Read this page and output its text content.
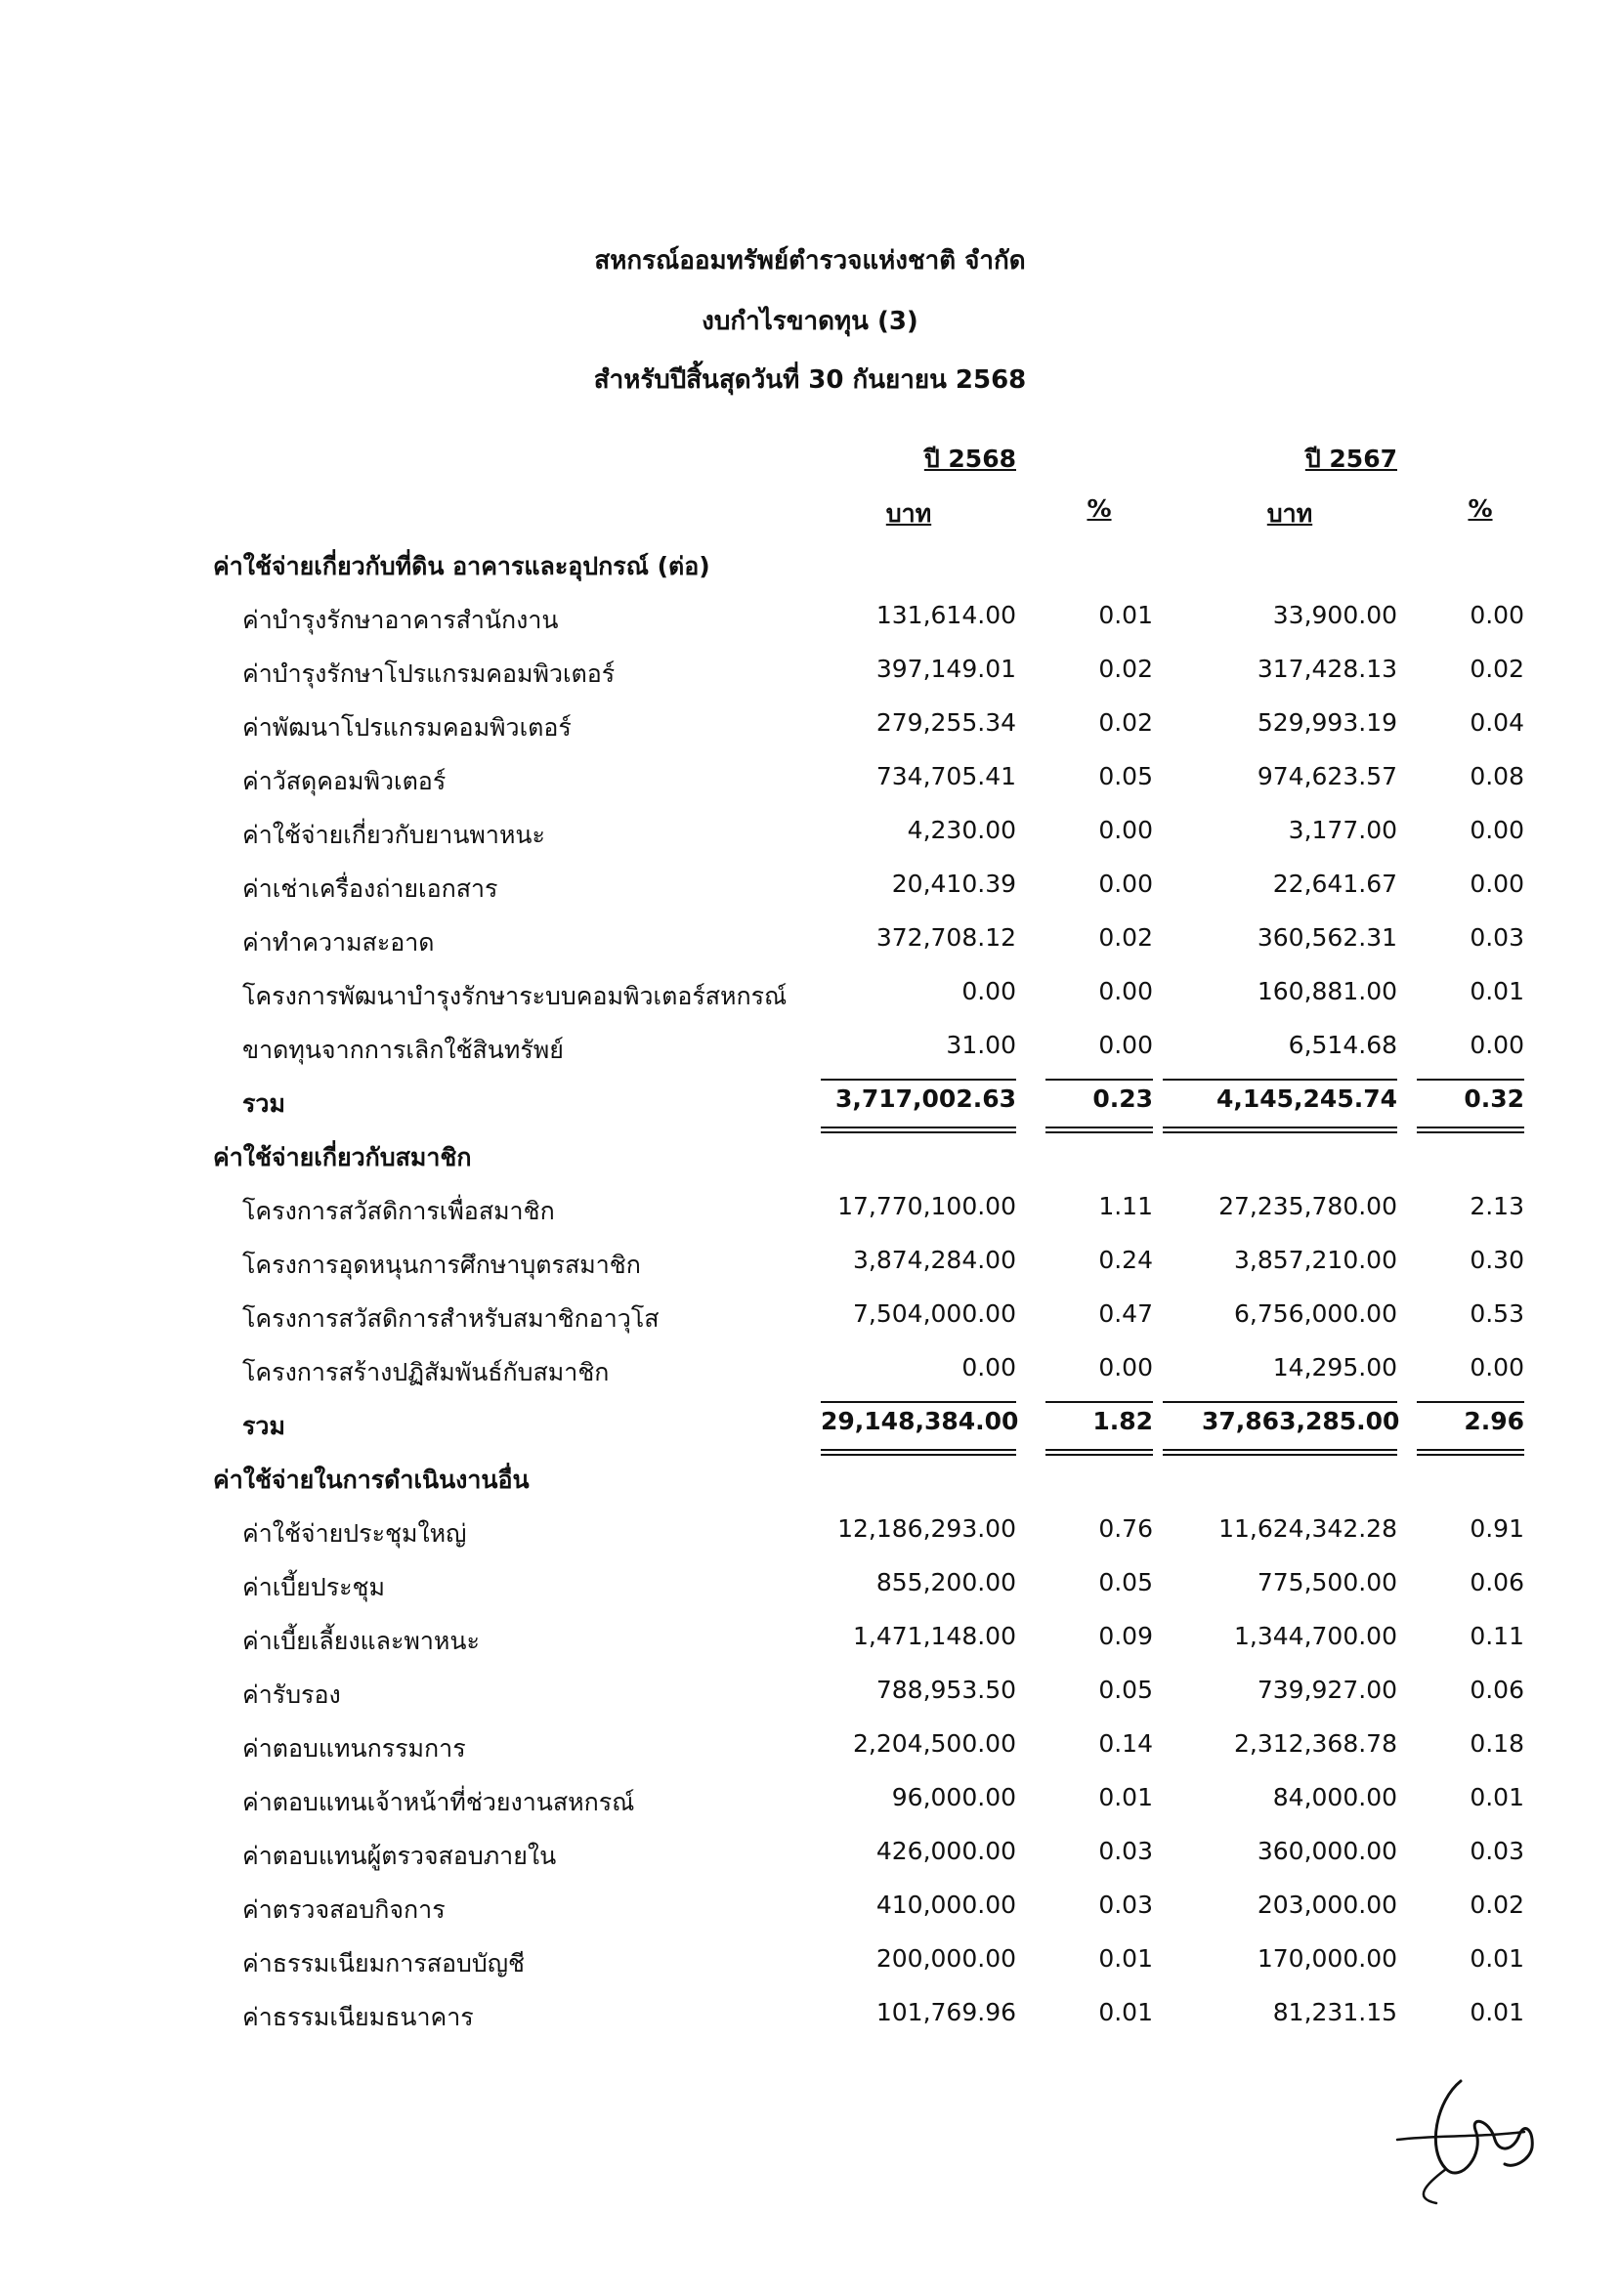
สหกรณ์ออมทรัพย์ตำรวจแห่งชาติ จำกัด
งบกำไรขาดทุน (3)
สำหรับปีสิ้นสุดวันที่ 30 กันยายน 2568
ปี 2568	ปี 2567
บาท	%	บาท	%
ค่าใช้จ่ายเกี่ยวกับที่ดิน อาคารและอุปกรณ์ (ต่อ)
ค่าบำรุงรักษาอาคารสำนักงาน	131,614.00	0.01	33,900.00	0.00
ค่าบำรุงรักษาโปรแกรมคอมพิวเตอร์	397,149.01	0.02	317,428.13	0.02
ค่าพัฒนาโปรแกรมคอมพิวเตอร์	279,255.34	0.02	529,993.19	0.04
ค่าวัสดุคอมพิวเตอร์	734,705.41	0.05	974,623.57	0.08
ค่าใช้จ่ายเกี่ยวกับยานพาหนะ	4,230.00	0.00	3,177.00	0.00
ค่าเช่าเครื่องถ่ายเอกสาร	20,410.39	0.00	22,641.67	0.00
ค่าทำความสะอาด	372,708.12	0.02	360,562.31	0.03
โครงการพัฒนาบำรุงรักษาระบบคอมพิวเตอร์สหกรณ์	0.00	0.00	160,881.00	0.01
ขาดทุนจากการเลิกใช้สินทรัพย์	31.00	0.00	6,514.68	0.00
รวม	3,717,002.63	0.23	4,145,245.74	0.32
ค่าใช้จ่ายเกี่ยวกับสมาชิก
โครงการสวัสดิการเพื่อสมาชิก	17,770,100.00	1.11	27,235,780.00	2.13
โครงการอุดหนุนการศึกษาบุตรสมาชิก	3,874,284.00	0.24	3,857,210.00	0.30
โครงการสวัสดิการสำหรับสมาชิกอาวุโส	7,504,000.00	0.47	6,756,000.00	0.53
โครงการสร้างปฏิสัมพันธ์กับสมาชิก	0.00	0.00	14,295.00	0.00
รวม	29,148,384.00	1.82 37,863,285.00	2.96
ค่าใช้จ่ายในการดำเนินงานอื่น
ค่าใช้จ่ายประชุมใหญ่	12,186,293.00	0.76	11,624,342.28	0.91
ค่าเบี้ยประชุม	855,200.00	0.05	775,500.00	0.06
ค่าเบี้ยเลี้ยงและพาหนะ	1,471,148.00	0.09	1,344,700.00	0.11
ค่ารับรอง	788,953.50	0.05	739,927.00	0.06
ค่าตอบแทนกรรมการ	2,204,500.00	0.14	2,312,368.78	0.18
ค่าตอบแทนเจ้าหน้าที่ช่วยงานสหกรณ์	96,000.00	0.01	84,000.00	0.01
ค่าตอบแทนผู้ตรวจสอบภายใน	426,000.00	0.03	360,000.00	0.03
ค่าตรวจสอบกิจการ	410,000.00	0.03	203,000.00	0.02
ค่าธรรมเนียมการสอบบัญชี	200,000.00	0.01	170,000.00	0.01
ค่าธรรมเนียมธนาคาร	101,769.96	0.01	81,231.15	0.01
